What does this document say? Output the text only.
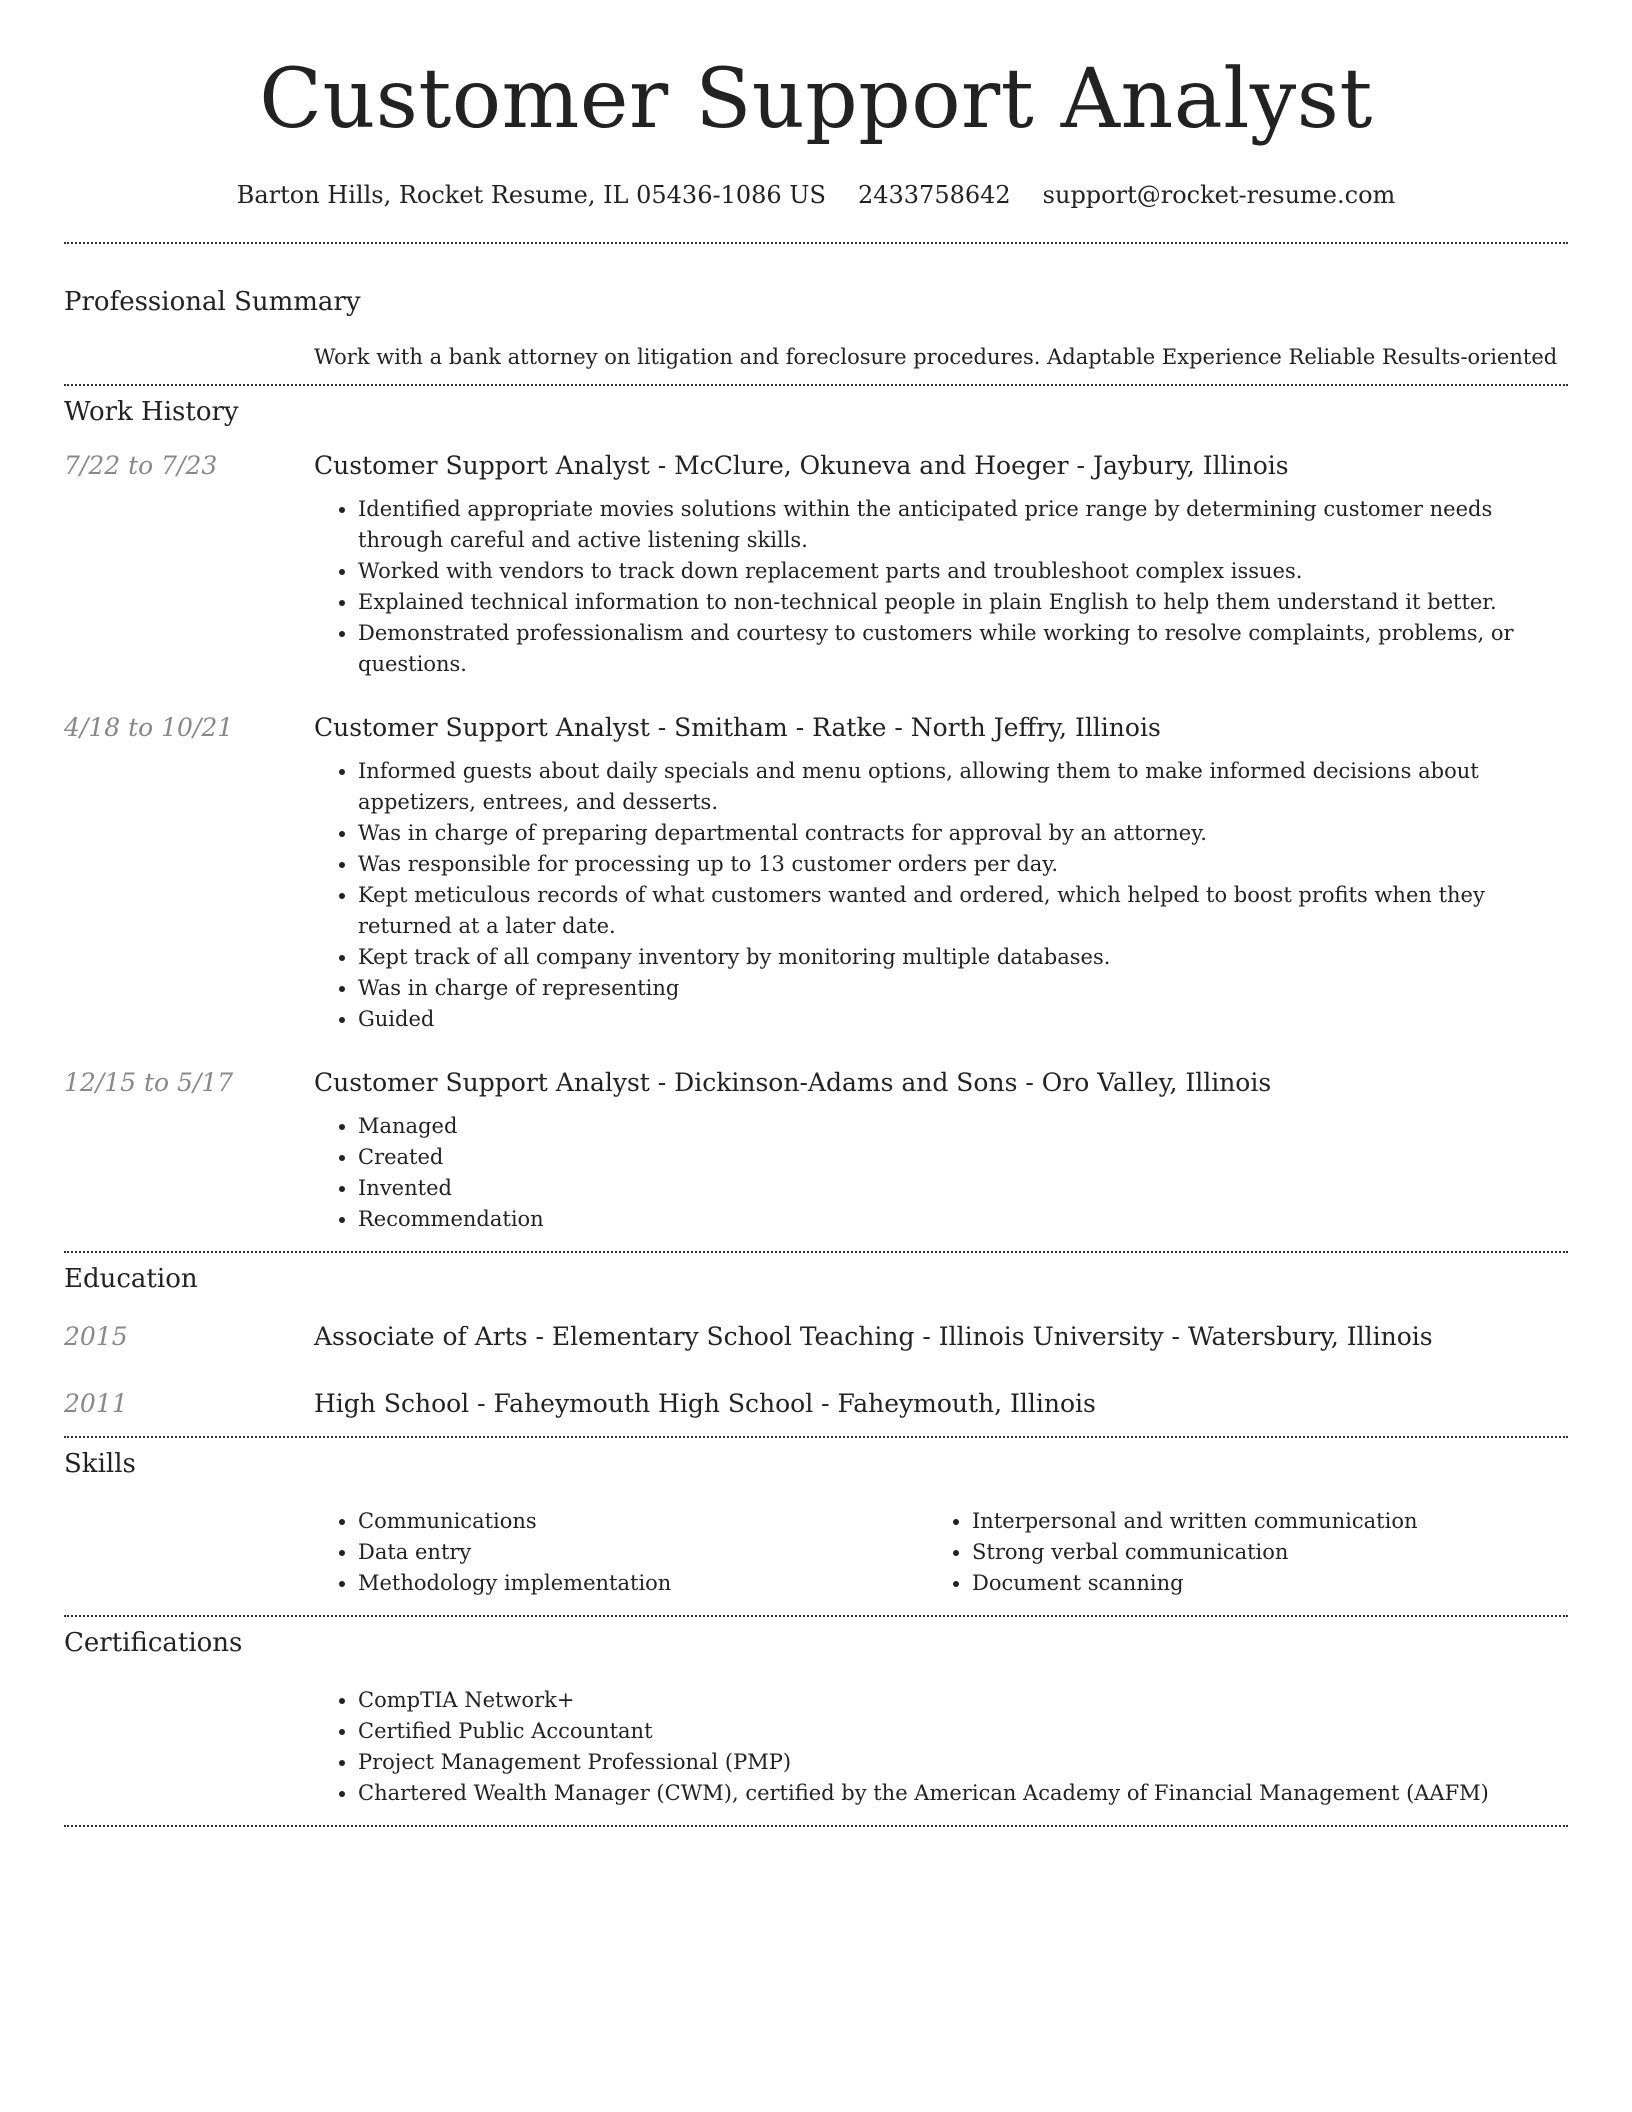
Customer Support Analyst
Barton Hills, Rocket Resume, IL 05436-1086 US 2433758642 support@rocket-resume.com
Professional Summary

Work with a bank attorney on litigation and foreclosure procedures. Adaptable Experience Reliable Results-oriented

Work History
7/22 to 7/23	Customer Support Analyst - McClure, Okuneva and Hoeger - Jaybury, Illinois
• Identified appropriate movies solutions within the anticipated price range by determining customer needs through careful and active listening skills.
• Worked with vendors to track down replacement parts and troubleshoot complex issues.
• Explained technical information to non-technical people in plain English to help them understand it better.
• Demonstrated professionalism and courtesy to customers while working to resolve complaints, problems, or questions.
4/18 to 10/21	Customer Support Analyst - Smitham - Ratke - North Jeffry, Illinois
• Informed guests about daily specials and menu options, allowing them to make informed decisions about appetizers, entrees, and desserts.
• Was in charge of preparing departmental contracts for approval by an attorney.
• Was responsible for processing up to 13 customer orders per day.
• Kept meticulous records of what customers wanted and ordered, which helped to boost profits when they returned at a later date.
• Kept track of all company inventory by monitoring multiple databases.
• Was in charge of representing
• Guided
12/15 to 5/17	Customer Support Analyst - Dickinson-Adams and Sons - Oro Valley, Illinois
• Managed
• Created
• Invented
• Recommendation
Education
2015	Associate of Arts - Elementary School Teaching - Illinois University - Watersbury, Illinois
2011	High School - Faheymouth High School - Faheymouth, Illinois
Skills
• Communications
• Data entry
• Methodology implementation
• Interpersonal and written communication
• Strong verbal communication
• Document scanning
Certifications
• CompTIA Network+
• Certified Public Accountant
• Project Management Professional (PMP)
• Chartered Wealth Manager (CWM), certified by the American Academy of Financial Management (AAFM)
